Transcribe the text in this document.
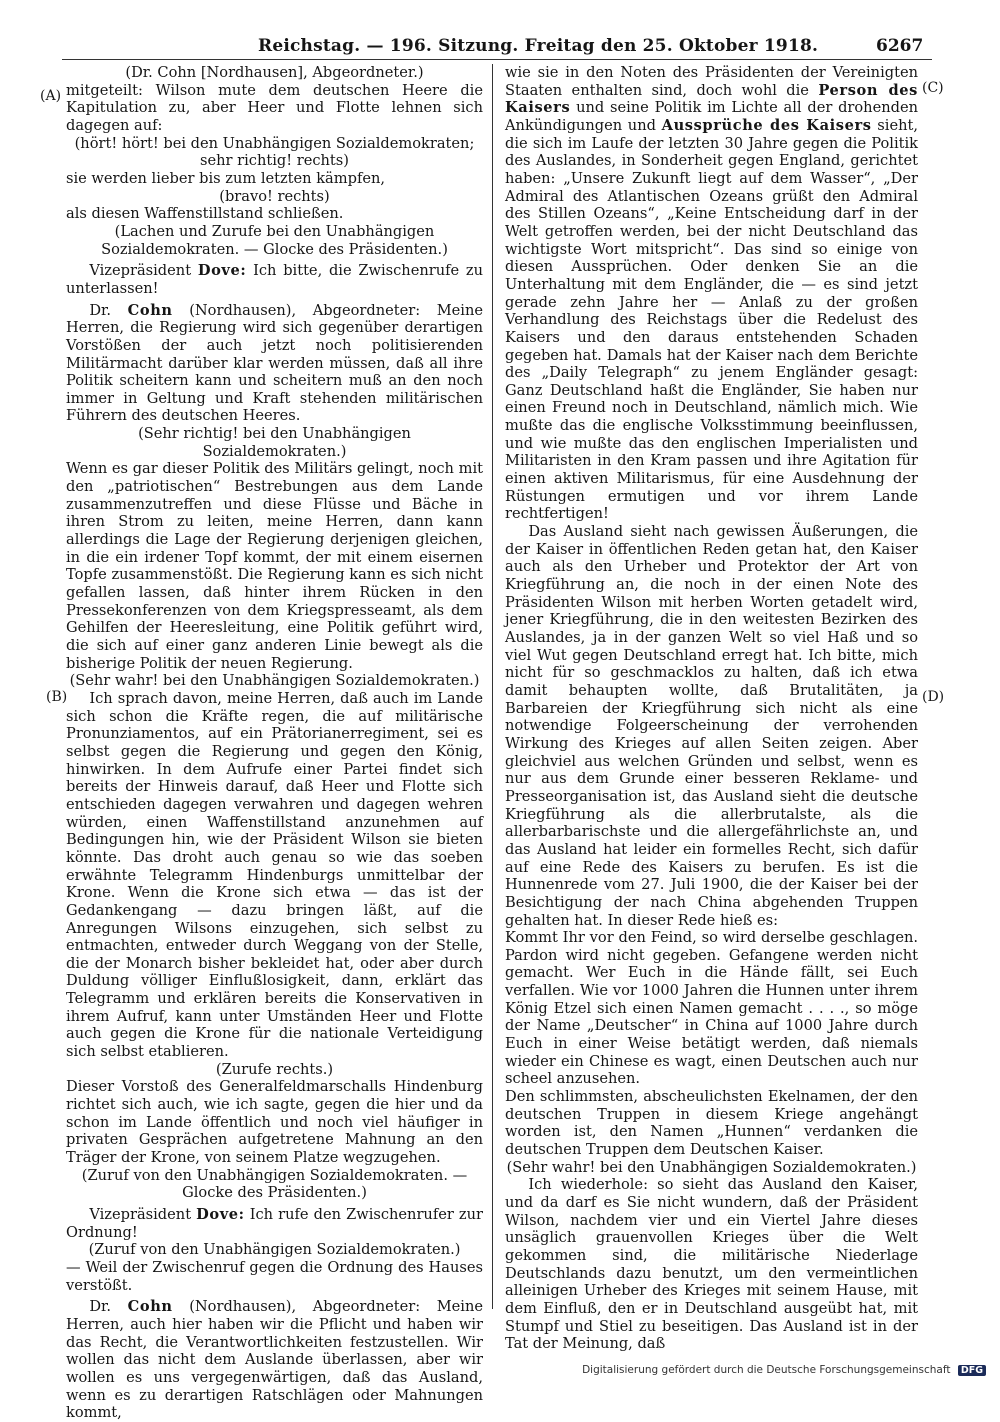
Reichstag. — 196. Sitzung. Freitag den 25. Oktober 1918.	6267
(A)
(B)
(C)
(D)

(Dr. Cohn [Nordhausen], Abgeordneter.)

mitgeteilt: Wilson mute dem deutschen Heere die Kapitulation zu, aber Heer und Flotte lehnen sich dagegen auf:

(hört! hört! bei den Unabhängigen Sozialdemokraten; sehr richtig! rechts)

sie werden lieber bis zum letzten kämpfen,

(bravo! rechts)

als diesen Waffenstillstand schließen.

(Lachen und Zurufe bei den Unabhängigen Sozialdemokraten. — Glocke des Präsidenten.)

Vizepräsident Dove: Ich bitte, die Zwischenrufe zu unterlassen!

Dr. Cohn (Nordhausen), Abgeordneter: Meine Herren, die Regierung wird sich gegenüber derartigen Vorstößen der auch jetzt noch politisierenden Militärmacht darüber klar werden müssen, daß all ihre Politik scheitern kann und scheitern muß an den noch immer in Geltung und Kraft stehenden militärischen Führern des deutschen Heeres.

(Sehr richtig! bei den Unabhängigen Sozialdemokraten.)

Wenn es gar dieser Politik des Militärs gelingt, noch mit den „patriotischen“ Bestrebungen aus dem Lande zusammenzutreffen und diese Flüsse und Bäche in ihren Strom zu leiten, meine Herren, dann kann allerdings die Lage der Regierung derjenigen gleichen, in die ein irdener Topf kommt, der mit einem eisernen Topfe zusammenstößt. Die Regierung kann es sich nicht gefallen lassen, daß hinter ihrem Rücken in den Pressekonferenzen von dem Kriegspresseamt, als dem Gehilfen der Heeresleitung, eine Politik geführt wird, die sich auf einer ganz anderen Linie bewegt als die bisherige Politik der neuen Regierung.

(Sehr wahr! bei den Unabhängigen Sozialdemokraten.)

Ich sprach davon, meine Herren, daß auch im Lande sich schon die Kräfte regen, die auf militärische Pronunziamentos, auf ein Prätorianerregiment, sei es selbst gegen die Regierung und gegen den König, hinwirken. In dem Aufrufe einer Partei findet sich bereits der Hinweis darauf, daß Heer und Flotte sich entschieden dagegen verwahren und dagegen wehren würden, einen Waffenstillstand anzunehmen auf Bedingungen hin, wie der Präsident Wilson sie bieten könnte. Das droht auch genau so wie das soeben erwähnte Telegramm Hindenburgs unmittelbar der Krone. Wenn die Krone sich etwa — das ist der Gedankengang — dazu bringen läßt, auf die Anregungen Wilsons einzugehen, sich selbst zu entmachten, entweder durch Weggang von der Stelle, die der Monarch bisher bekleidet hat, oder aber durch Duldung völliger Einflußlosigkeit, dann, erklärt das Telegramm und erklären bereits die Konservativen in ihrem Aufruf, kann unter Umständen Heer und Flotte auch gegen die Krone für die nationale Verteidigung sich selbst etablieren.

(Zurufe rechts.)

Dieser Vorstoß des Generalfeldmarschalls Hindenburg richtet sich auch, wie ich sagte, gegen die hier und da schon im Lande öffentlich und noch viel häufiger in privaten Gesprächen aufgetretene Mahnung an den Träger der Krone, von seinem Platze wegzugehen.

(Zuruf von den Unabhängigen Sozialdemokraten. — Glocke des Präsidenten.)

Vizepräsident Dove: Ich rufe den Zwischenrufer zur Ordnung!

(Zuruf von den Unabhängigen Sozialdemokraten.)

— Weil der Zwischenruf gegen die Ordnung des Hauses verstößt.

Dr. Cohn (Nordhausen), Abgeordneter: Meine Herren, auch hier haben wir die Pflicht und haben wir das Recht, die Verantwortlichkeiten festzustellen. Wir wollen das nicht dem Auslande überlassen, aber wir wollen es uns vergegenwärtigen, daß das Ausland, wenn es zu derartigen Ratschlägen oder Mahnungen kommt,

wie sie in den Noten des Präsidenten der Vereinigten Staaten enthalten sind, doch wohl die Person des Kaisers und seine Politik im Lichte all der drohenden Ankündigungen und Aussprüche des Kaisers sieht, die sich im Laufe der letzten 30 Jahre gegen die Politik des Auslandes, in Sonderheit gegen England, gerichtet haben: „Unsere Zukunft liegt auf dem Wasser“, „Der Admiral des Atlantischen Ozeans grüßt den Admiral des Stillen Ozeans“, „Keine Entscheidung darf in der Welt getroffen werden, bei der nicht Deutschland das wichtigste Wort mitspricht“. Das sind so einige von diesen Aussprüchen. Oder denken Sie an die Unterhaltung mit dem Engländer, die — es sind jetzt gerade zehn Jahre her — Anlaß zu der großen Verhandlung des Reichstags über die Redelust des Kaisers und den daraus entstehenden Schaden gegeben hat. Damals hat der Kaiser nach dem Berichte des „Daily Telegraph“ zu jenem Engländer gesagt: Ganz Deutschland haßt die Engländer, Sie haben nur einen Freund noch in Deutschland, nämlich mich. Wie mußte das die englische Volksstimmung beeinflussen, und wie mußte das den englischen Imperialisten und Militaristen in den Kram passen und ihre Agitation für einen aktiven Militarismus, für eine Ausdehnung der Rüstungen ermutigen und vor ihrem Lande rechtfertigen!

Das Ausland sieht nach gewissen Äußerungen, die der Kaiser in öffentlichen Reden getan hat, den Kaiser auch als den Urheber und Protektor der Art von Kriegführung an, die noch in der einen Note des Präsidenten Wilson mit herben Worten getadelt wird, jener Kriegführung, die in den weitesten Bezirken des Auslandes, ja in der ganzen Welt so viel Haß und so viel Wut gegen Deutschland erregt hat. Ich bitte, mich nicht für so geschmacklos zu halten, daß ich etwa damit behaupten wollte, daß Brutalitäten, ja Barbareien der Kriegführung sich nicht als eine notwendige Folgeerscheinung der verrohenden Wirkung des Krieges auf allen Seiten zeigen. Aber gleichviel aus welchen Gründen und selbst, wenn es nur aus dem Grunde einer besseren Reklame- und Presseorganisation ist, das Ausland sieht die deutsche Kriegführung als die allerbrutalste, als die allerbarbarischste und die allergefährlichste an, und das Ausland hat leider ein formelles Recht, sich dafür auf eine Rede des Kaisers zu berufen. Es ist die Hunnenrede vom 27. Juli 1900, die der Kaiser bei der Besichtigung der nach China abgehenden Truppen gehalten hat. In dieser Rede hieß es:

Kommt Ihr vor den Feind, so wird derselbe geschlagen. Pardon wird nicht gegeben. Gefangene werden nicht gemacht. Wer Euch in die Hände fällt, sei Euch verfallen. Wie vor 1000 Jahren die Hunnen unter ihrem König Etzel sich einen Namen gemacht . . . ., so möge der Name „Deutscher“ in China auf 1000 Jahre durch Euch in einer Weise betätigt werden, daß niemals wieder ein Chinese es wagt, einen Deutschen auch nur scheel anzusehen.

Den schlimmsten, abscheulichsten Ekelnamen, der den deutschen Truppen in diesem Kriege angehängt worden ist, den Namen „Hunnen“ verdanken die deutschen Truppen dem Deutschen Kaiser.

(Sehr wahr! bei den Unabhängigen Sozialdemokraten.)

Ich wiederhole: so sieht das Ausland den Kaiser, und da darf es Sie nicht wundern, daß der Präsident Wilson, nachdem vier und ein Viertel Jahre dieses unsäglich grauenvollen Krieges über die Welt gekommen sind, die militärische Niederlage Deutschlands dazu benutzt, um den vermeintlichen alleinigen Urheber des Krieges mit seinem Hause, mit dem Einfluß, den er in Deutschland ausgeübt hat, mit Stumpf und Stiel zu beseitigen. Das Ausland ist in der Tat der Meinung, daß

Digitalisierung gefördert durch die Deutsche Forschungsgemeinschaft DFG
